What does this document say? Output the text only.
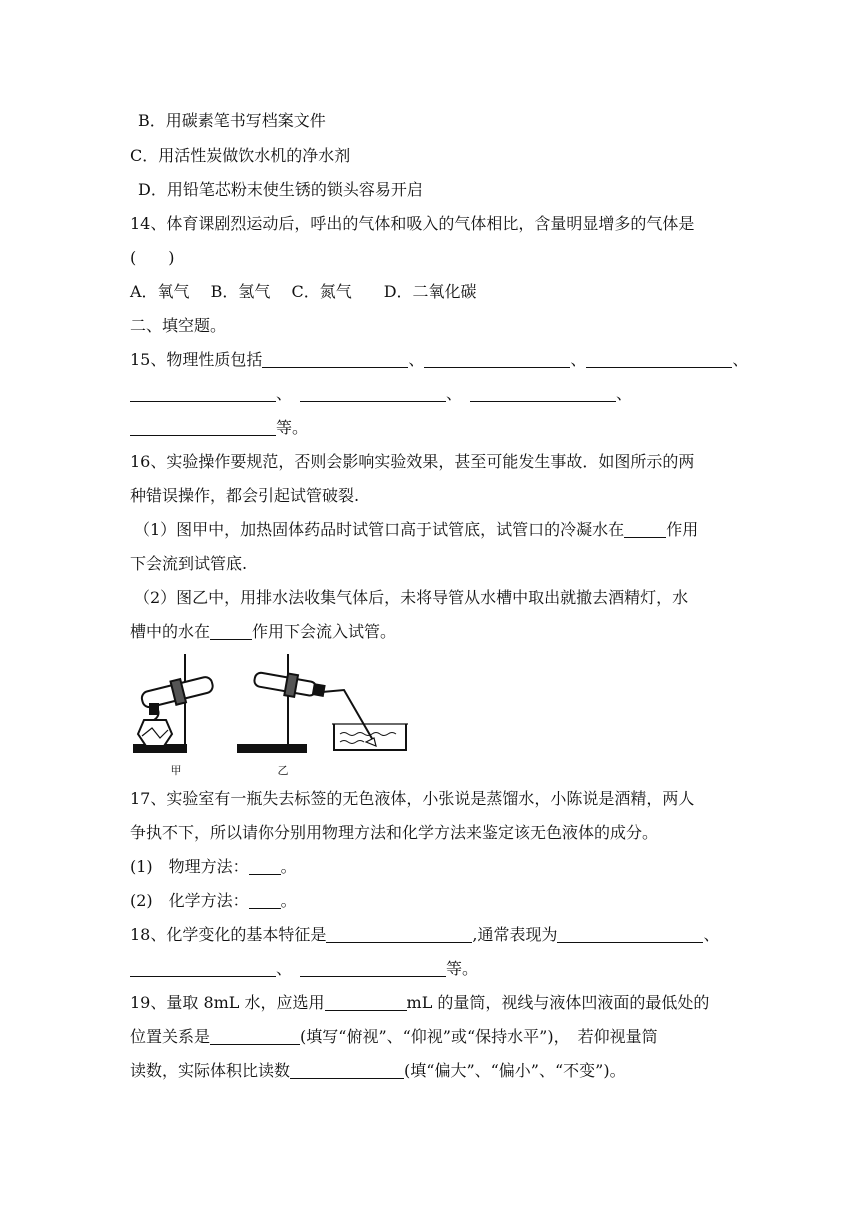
B．用碳素笔书写档案文件
C．用活性炭做饮水机的净水剂
D．用铅笔芯粉末使生锈的锁头容易开启
14、体育课剧烈运动后，呼出的气体和吸入的气体相比，含量明显增多的气体是
(　　)
A．氧气　 B．氢气　 C．氮气　　D．二氧化碳
二、填空题。
15、物理性质包括	、	、	、
、	、	、
等。
16、实验操作要规范，否则会影响实验效果，甚至可能发生事故．如图所示的两
种错误操作，都会引起试管破裂.
（1）图甲中，加热固体药品时试管口高于试管底，试管口的冷凝水在	作用
下会流到试管底.
（2）图乙中，用排水法收集气体后，未将导管从水槽中取出就撤去酒精灯，水
槽中的水在	作用下会流入试管。
甲	乙
17、实验室有一瓶失去标签的无色液体，小张说是蒸馏水，小陈说是酒精，两人
争执不下，所以请你分别用物理方法和化学方法来鉴定该无色液体的成分。
(1)　物理方法： 。
(2)　化学方法： 。
18、化学变化的基本特征是	,通常表现为	、
、	等。
19、量取 8mL 水，应选用	mL 的量筒，视线与液体凹液面的最低处的
位置关系是	(填写“俯视”、“仰视”或“保持水平”)，　若仰视量筒
读数，实际体积比读数	(填“偏大”、“偏小”、“不变”)。
